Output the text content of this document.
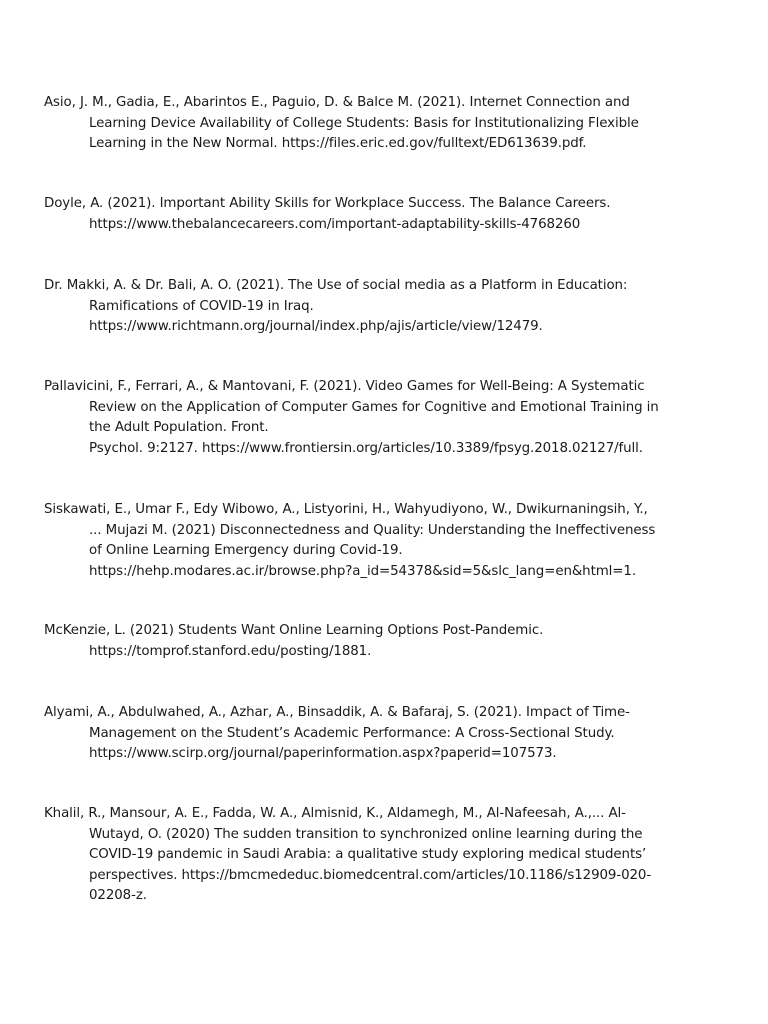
Asio, J. M., Gadia, E., Abarintos E., Paguio, D. & Balce M. (2021). Internet Connection and
Learning Device Availability of College Students: Basis for Institutionalizing Flexible
Learning in the New Normal. https://files.eric.ed.gov/fulltext/ED613639.pdf.
Doyle, A. (2021). Important Ability Skills for Workplace Success. The Balance Careers.
https://www.thebalancecareers.com/important-adaptability-skills-4768260
Dr. Makki, A. & Dr. Bali, A. O. (2021). The Use of social media as a Platform in Education:
Ramifications of COVID-19 in Iraq.
https://www.richtmann.org/journal/index.php/ajis/article/view/12479.
Pallavicini, F., Ferrari, A., & Mantovani, F. (2021). Video Games for Well-Being: A Systematic
Review on the Application of Computer Games for Cognitive and Emotional Training in
the Adult Population. Front.
Psychol. 9:2127. https://www.frontiersin.org/articles/10.3389/fpsyg.2018.02127/full.
Siskawati, E., Umar F., Edy Wibowo, A., Listyorini, H., Wahyudiyono, W., Dwikurnaningsih, Y.,
... Mujazi M. (2021) Disconnectedness and Quality: Understanding the Ineffectiveness
of Online Learning Emergency during Covid-19.
https://hehp.modares.ac.ir/browse.php?a_id=54378&sid=5&slc_lang=en&html=1.
McKenzie, L. (2021) Students Want Online Learning Options Post-Pandemic.
https://tomprof.stanford.edu/posting/1881.
Alyami, A., Abdulwahed, A., Azhar, A., Binsaddik, A. & Bafaraj, S. (2021). Impact of Time-
Management on the Student’s Academic Performance: A Cross-Sectional Study.
https://www.scirp.org/journal/paperinformation.aspx?paperid=107573.
Khalil, R., Mansour, A. E., Fadda, W. A., Almisnid, K., Aldamegh, M., Al-Nafeesah, A.,... Al-
Wutayd, O. (2020) The sudden transition to synchronized online learning during the
COVID-19 pandemic in Saudi Arabia: a qualitative study exploring medical students’
perspectives. https://bmcmededuc.biomedcentral.com/articles/10.1186/s12909-020-
02208-z.
